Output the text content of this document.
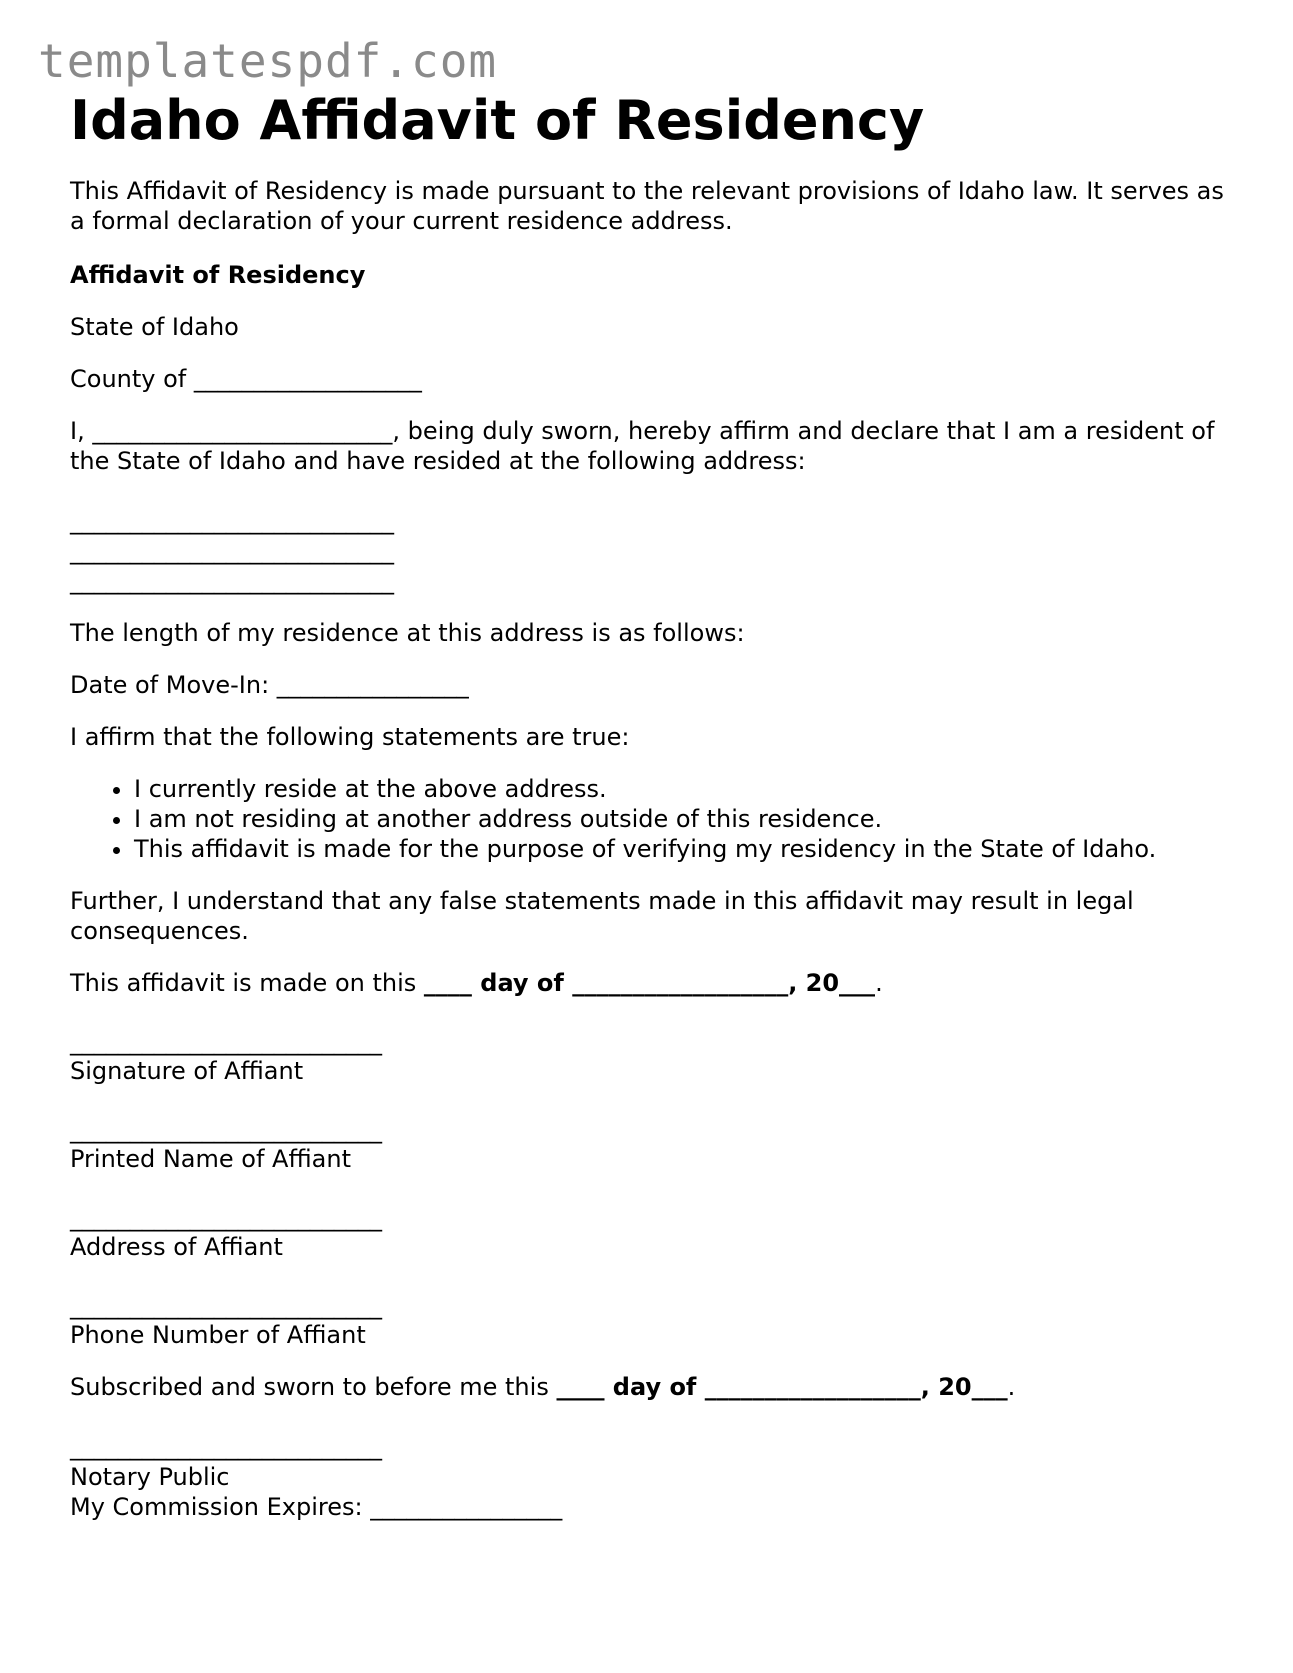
templatespdf.com
Idaho Affidavit of Residency

This Affidavit of Residency is made pursuant to the relevant provisions of Idaho law. It serves as a formal declaration of your current residence address.

Affidavit of Residency

State of Idaho

County of ___________________

I, _________________________, being duly sworn, hereby affirm and declare that I am a resident of the State of Idaho and have resided at the following address:

___________________________

___________________________

___________________________

The length of my residence at this address is as follows:

Date of Move-In: ________________

I affirm that the following statements are true:

• I currently reside at the above address.
• I am not residing at another address outside of this residence.
• This affidavit is made for the purpose of verifying my residency in the State of Idaho.

Further, I understand that any false statements made in this affidavit may result in legal consequences.

This affidavit is made on this ____ day of __________________, 20___.

__________________________

Signature of Affiant

__________________________

Printed Name of Affiant

__________________________

Address of Affiant

__________________________

Phone Number of Affiant

Subscribed and sworn to before me this ____ day of __________________, 20___.

__________________________

Notary Public

My Commission Expires: ________________
